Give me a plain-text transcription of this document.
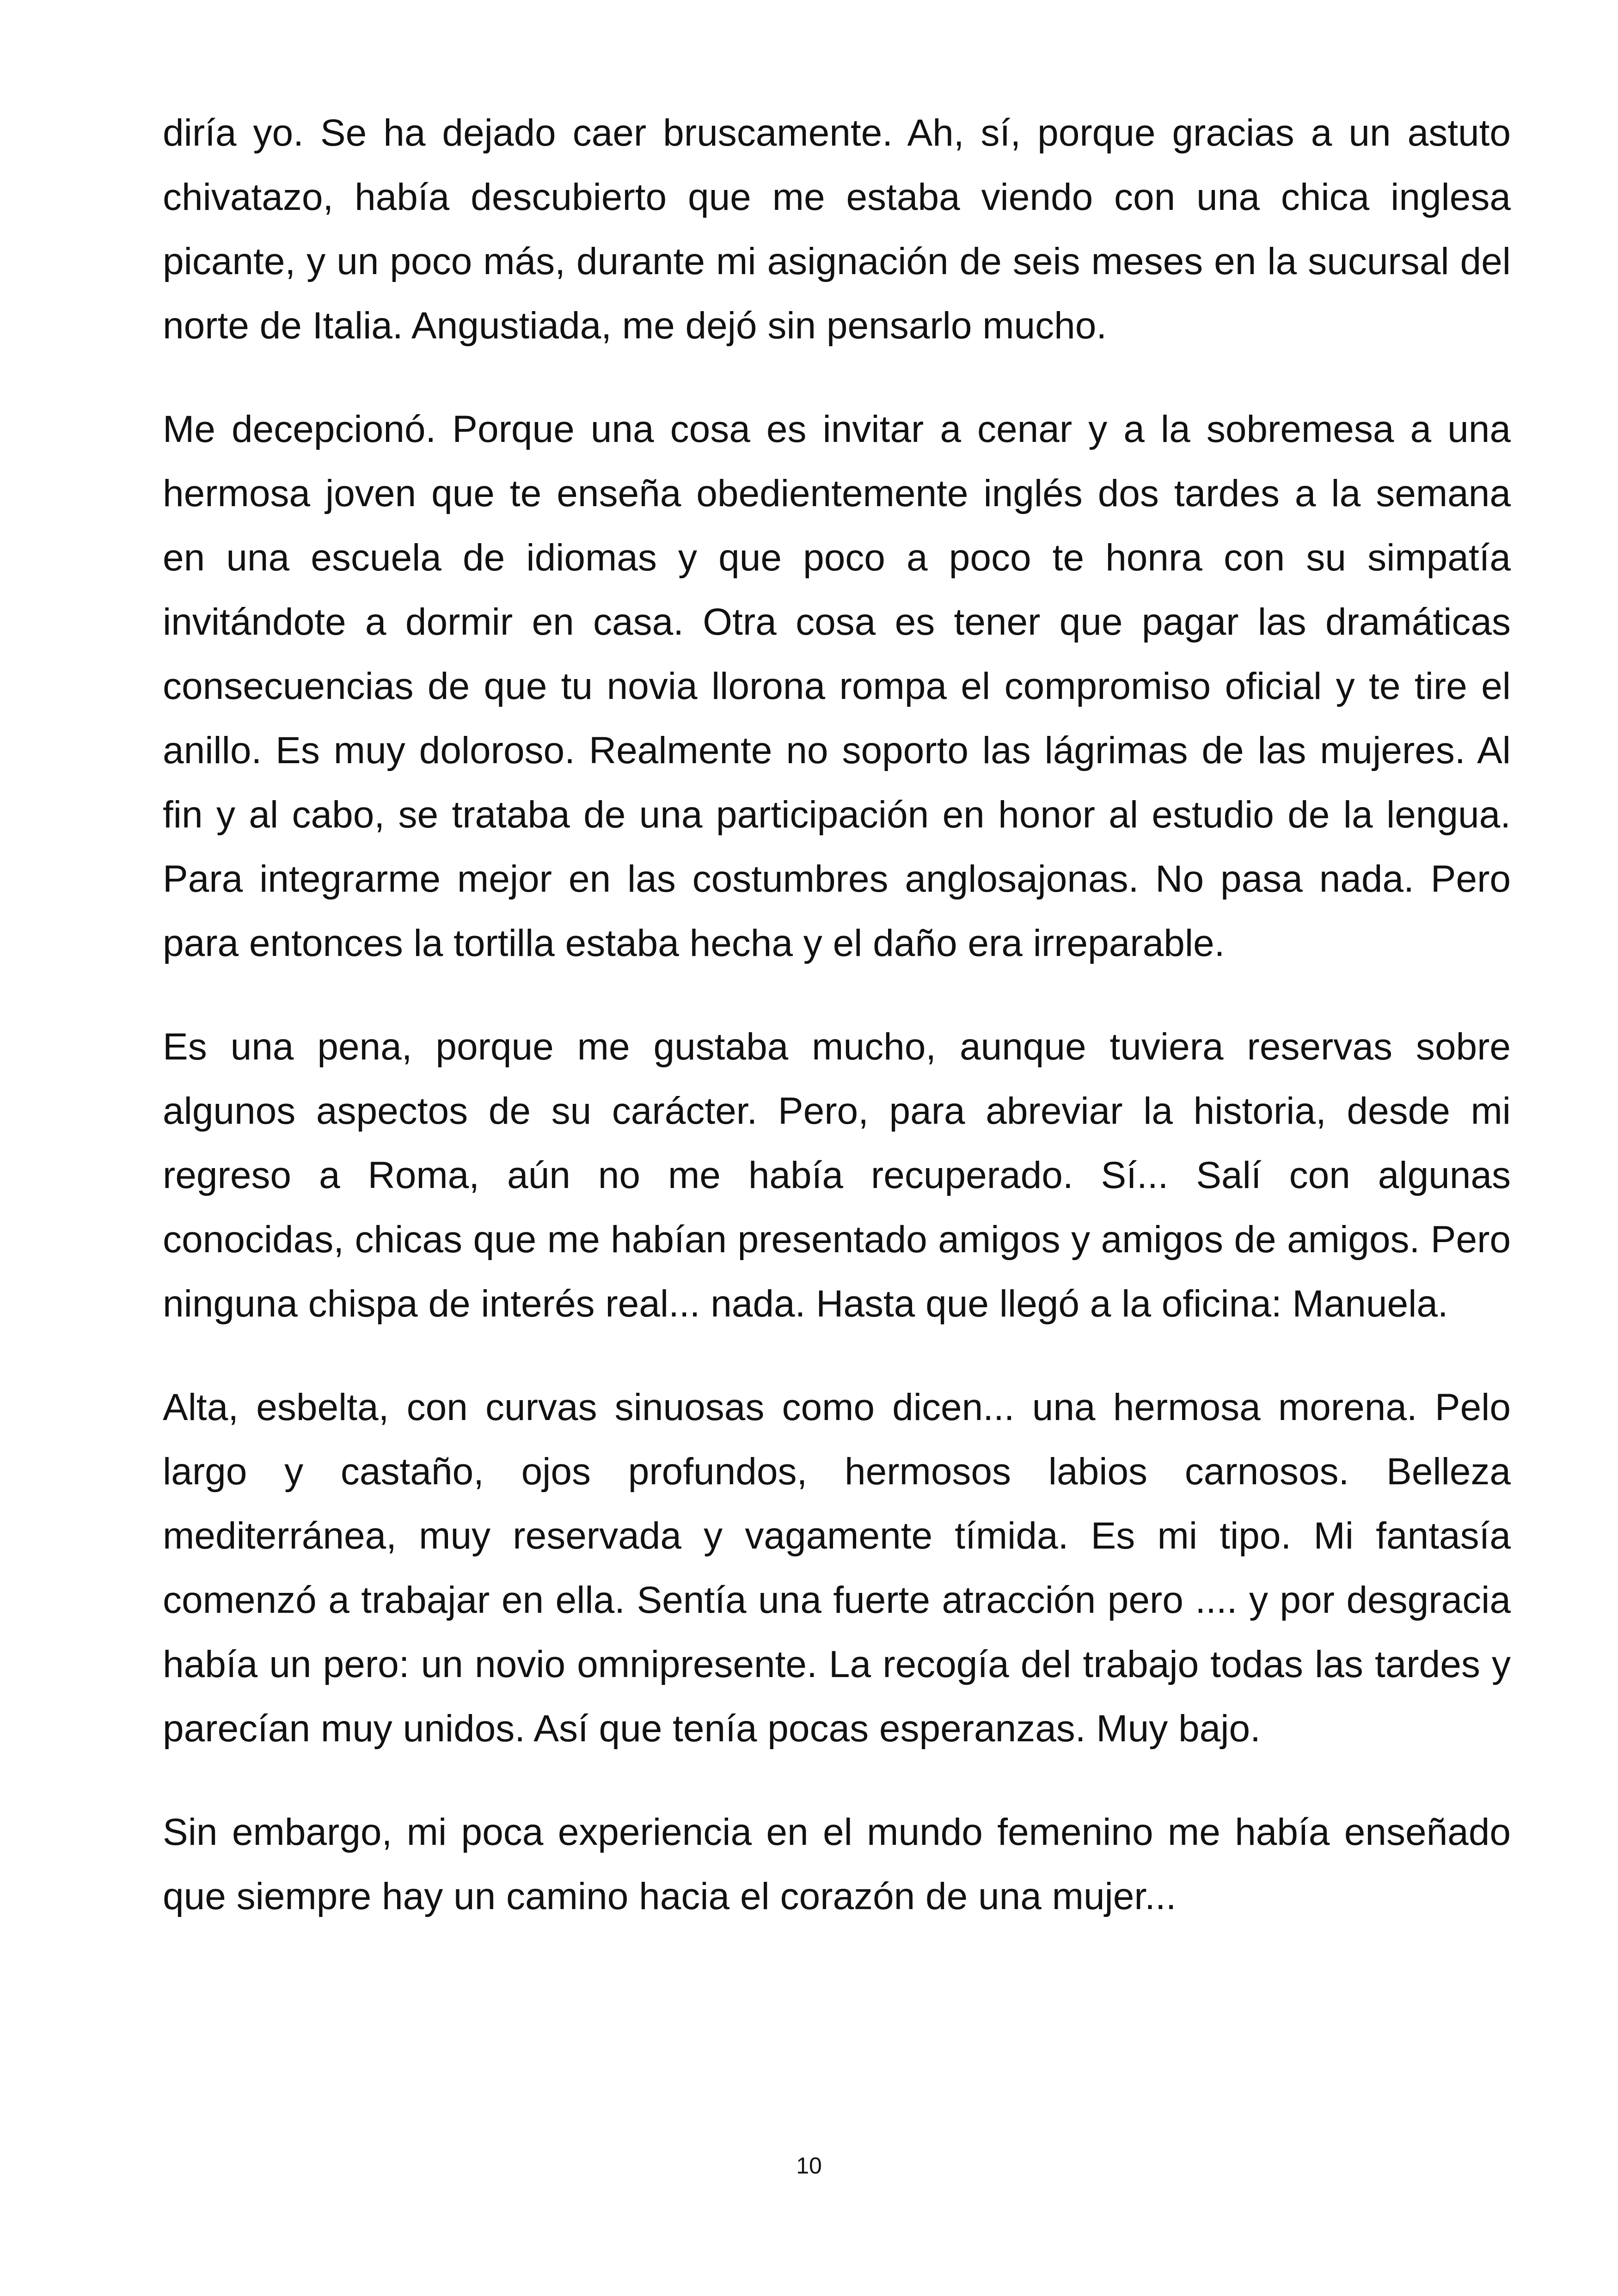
diría yo. Se ha dejado caer bruscamente. Ah, sí, porque gracias a un astuto chivatazo, había descubierto que me estaba viendo con una chica inglesa picante, y un poco más, durante mi asignación de seis meses en la sucursal del norte de Italia. Angustiada, me dejó sin pensarlo mucho.

Me decepcionó. Porque una cosa es invitar a cenar y a la sobremesa a una hermosa joven que te enseña obedientemente inglés dos tardes a la semana en una escuela de idiomas y que poco a poco te honra con su simpatía invitándote a dormir en casa. Otra cosa es tener que pagar las dramáticas consecuencias de que tu novia llorona rompa el compromiso oficial y te tire el anillo. Es muy doloroso. Realmente no soporto las lágrimas de las mujeres. Al fin y al cabo, se trataba de una participación en honor al estudio de la lengua. Para integrarme mejor en las costumbres anglosajonas. No pasa nada. Pero para entonces la tortilla estaba hecha y el daño era irreparable.

Es una pena, porque me gustaba mucho, aunque tuviera reservas sobre algunos aspectos de su carácter. Pero, para abreviar la historia, desde mi regreso a Roma, aún no me había recuperado. Sí... Salí con algunas conocidas, chicas que me habían presentado amigos y amigos de amigos. Pero ninguna chispa de interés real... nada. Hasta que llegó a la oficina: Manuela.

Alta, esbelta, con curvas sinuosas como dicen... una hermosa morena. Pelo largo y castaño, ojos profundos, hermosos labios carnosos. Belleza mediterránea, muy reservada y vagamente tímida. Es mi tipo. Mi fantasía comenzó a trabajar en ella. Sentía una fuerte atracción pero .... y por desgracia había un pero: un novio omnipresente. La recogía del trabajo todas las tardes y parecían muy unidos. Así que tenía pocas esperanzas. Muy bajo.

Sin embargo, mi poca experiencia en el mundo femenino me había enseñado que siempre hay un camino hacia el corazón de una mujer...

10
